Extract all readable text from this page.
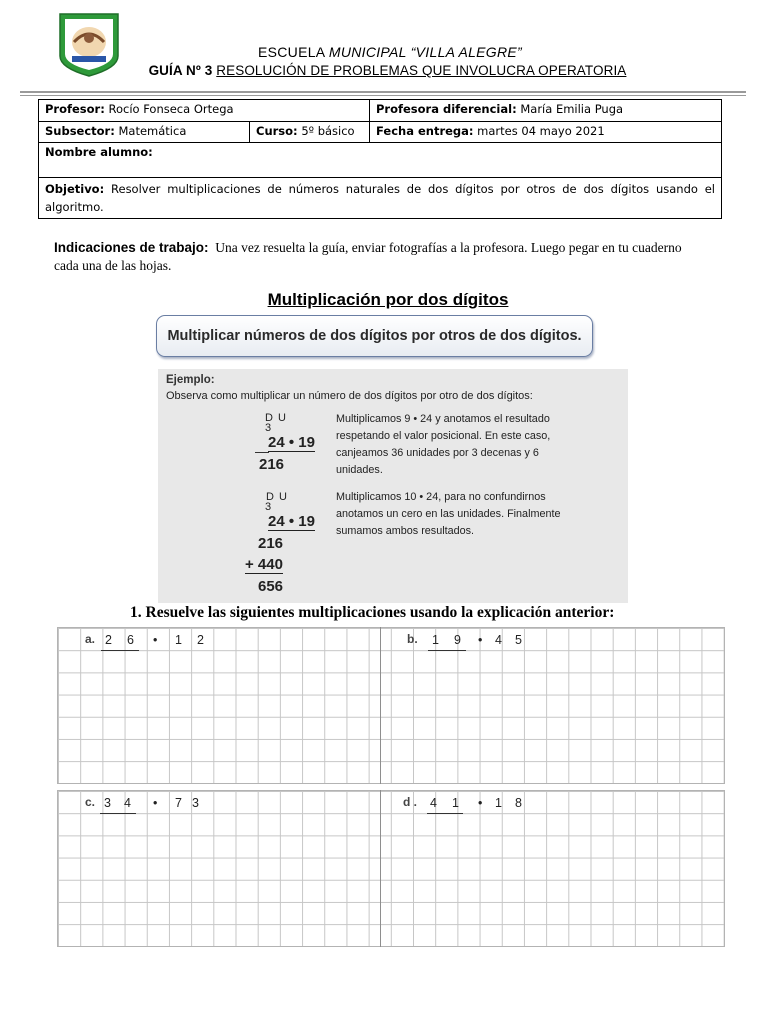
ESCUELA MUNICIPAL “VILLA ALEGRE”
GUÍA Nº 3 RESOLUCIÓN DE PROBLEMAS QUE INVOLUCRA OPERATORIA
Profesor: Rocío Fonseca Ortega		Profesora diferencial: María Emilia Puga
Subsector: Matemática	Curso: 5º básico	Fecha entrega: martes 04 mayo 2021
Nombre alumno:		
Objetivo: Resolver multiplicaciones de números naturales de dos dígitos por otros de dos dígitos usando el algoritmo.		
Indicaciones de trabajo: Una vez resuelta la guía, enviar fotografías a la profesora. Luego pegar en tu cuaderno cada una de las hojas.
Multiplicación por dos dígitos
Multiplicar números de dos dígitos por otros de dos dígitos.
Ejemplo:
Observa como multiplicar un número de dos dígitos por otro de dos dígitos:
D U
3
24 • 19
216
Multiplicamos 9 • 24 y anotamos el resultado respetando el valor posicional. En este caso, canjeamos 36 unidades por 3 decenas y 6 unidades.
D U
3
24 • 19
216
+ 440
656
Multiplicamos 10 • 24, para no confundirnos anotamos un cero en las unidades. Finalmente sumamos ambos resultados.
1. Resuelve las siguientes multiplicaciones usando la explicación anterior:
a. 2 6 • 1 2	b. 1 9 • 4 5
c. 3 4 • 7 3	d . 4 1 • 1 8
